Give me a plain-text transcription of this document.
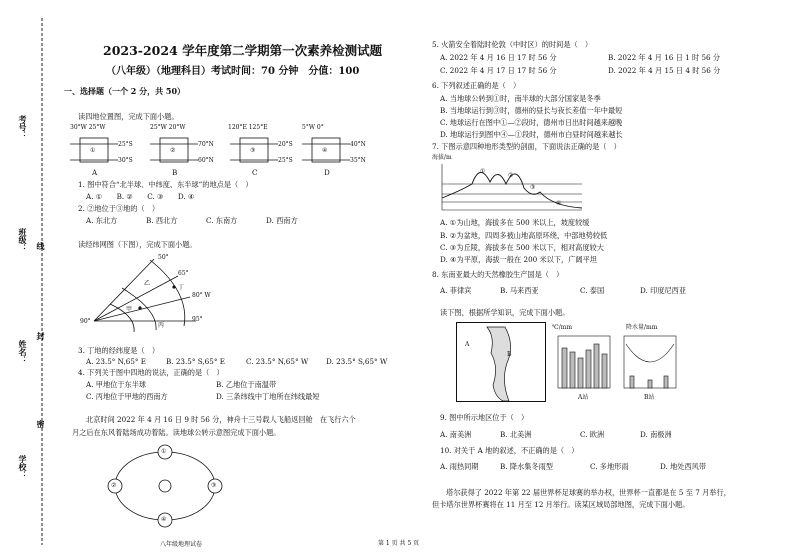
考号：
班级： 线
姓名：
封
学校：
密
2023-2024 学年度第二学期第一次素养检测试题
（八年级）（地理科目）考试时间：70 分钟　分值：100
一、选择题（一个 2 分，共 50）
读四地位置图，完成下面小题。
30°W 25°W	25°W 20°W	120°E 125°E	5°W 0°
25°S
30°S
70°N
60°N
20°S
25°S
40°N
35°N
①	②	③	④
A	B	C	D
1. 图中符合“北半球、中纬度、东半球”的地点是（　）
A. ①　　B. ②　　C. ③　　D. ④
2. ②地位于③地的（　）
A. 东北方	B. 西北方	C. 东南方	D. 西南方
读经纬网图（下图），完成下面小题。
50°
65°
80° W
95°
90°
甲
乙
丙
丁
3. 丁地的经纬度是（　）
A. 23.5° N,65° E	B. 23.5° S,65° E	C. 23.5° N,65° W D. 23.5° S,65° W
4. 下列关于图中四地的说法，正确的是（　）
A. 甲地位于东半球	B. 乙地位于南温带
C. 丙地位于甲地的西南方	D. 三条纬线中丁地所在纬线最短
北京时间 2022 年 4 月 16 日 9 时 56 分，神舟十三号载人飞船返回舱　在飞行六个
月之后在东风着陆场成功着陆。读地球公转示意图完成下面小题。
①
②	③
④
八年级地理试卷	第 1 页 共 5 页
5. 火箭安全着陆时伦敦（中时区）的时间是（　）
A. 2022 年 4 月 16 日 17 时 56 分	B. 2022 年 4 月 16 日 1 时 56 分
C. 2022 年 4 月 17 日 17 时 56 分	D. 2022 年 4 月 15 日 4 时 56 分
6. 下列叙述正确的是（　）
A. 当地球公转到①时，南半球的大部分国家是冬季
B. 当地球运行到③时，德州的昼长与夜长差值一年中最短
C. 地球运行在图中①—②段时，德州市日出时间越来越晚
D. 地球运行到图中④—①段时，德州市白昼时间越来越长
7. 下图示意四种地形类型的剖面，下面说法正确的是（　）
海拔/m
①
②
③
④
A. ①为山地，海拔多在 500 米以上，坡度较缓
B. ②为盆地，四周多被山地高原环绕，中部地势较低
C. ③为丘陵，海拔多在 500 米以下，相对高度较大
D. ④为平原，海拔一般在 200 米以下，广阔平坦
8. 东南亚最大的天然橡胶生产国是（　）
A. 菲律宾	B. 马来西亚	C. 泰国	D. 印度尼西亚
读下图，根据所学知识，完成下面小题。
A
B
℃/mm
A站
降水量/mm
B站
9. 图中所示地区位于（　）
A. 南美洲	B. 北美洲	C. 欧洲	D. 南极洲
10. 对关于 A 地的叙述，不正确的是（　）
A. 雨热同期	B. 降水集冬雨型	C. 多地形雨	D. 地处西风带
塔尔获得了 2022 年第 22 届世界杯足球赛的举办权，世界杯一直都是在 5 至 7 月举行，
但卡塔尔世界杯赛将在 11 月至 12 月举行。读某区域局部地图，完成下面小题。
